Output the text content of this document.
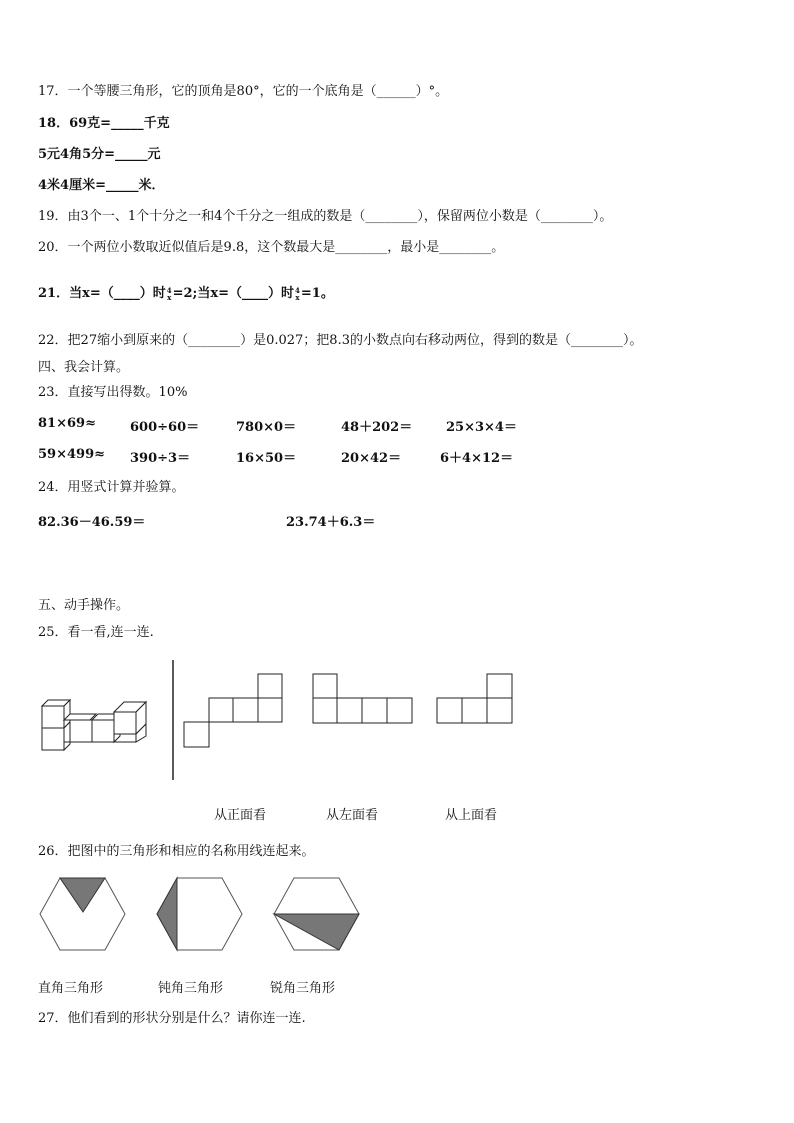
17．一个等腰三角形，它的顶角是80°，它的一个底角是（______）°。
18．69克=_____千克
5元4角5分=_____元
4米4厘米=_____米．
19．由3个一、1个十分之一和4个千分之一组成的数是（________），保留两位小数是（________）。
20．一个两位小数取近似值后是9.8，这个数最大是________，最小是________。
21．当x=（____）时4
x=2;当x=（____）时4
x=1。
22．把27缩小到原来的（________）是0.027；把8.3的小数点向右移动两位，得到的数是（________）。
四、我会计算。
23．直接写出得数。10%
81×69≈	600÷60＝	780×0＝	48＋202＝	25×3×4＝
59×499≈ 390÷3＝	16×50＝	20×42＝	6＋4×12＝
24．用竖式计算并验算。
82.36－46.59＝	23.74＋6.3＝
五、动手操作。
25．看一看,连一连.
从正面看	从左面看	从上面看
26．把图中的三角形和相应的名称用线连起来。
直角三角形	钝角三角形	锐角三角形
27．他们看到的形状分别是什么？请你连一连.
